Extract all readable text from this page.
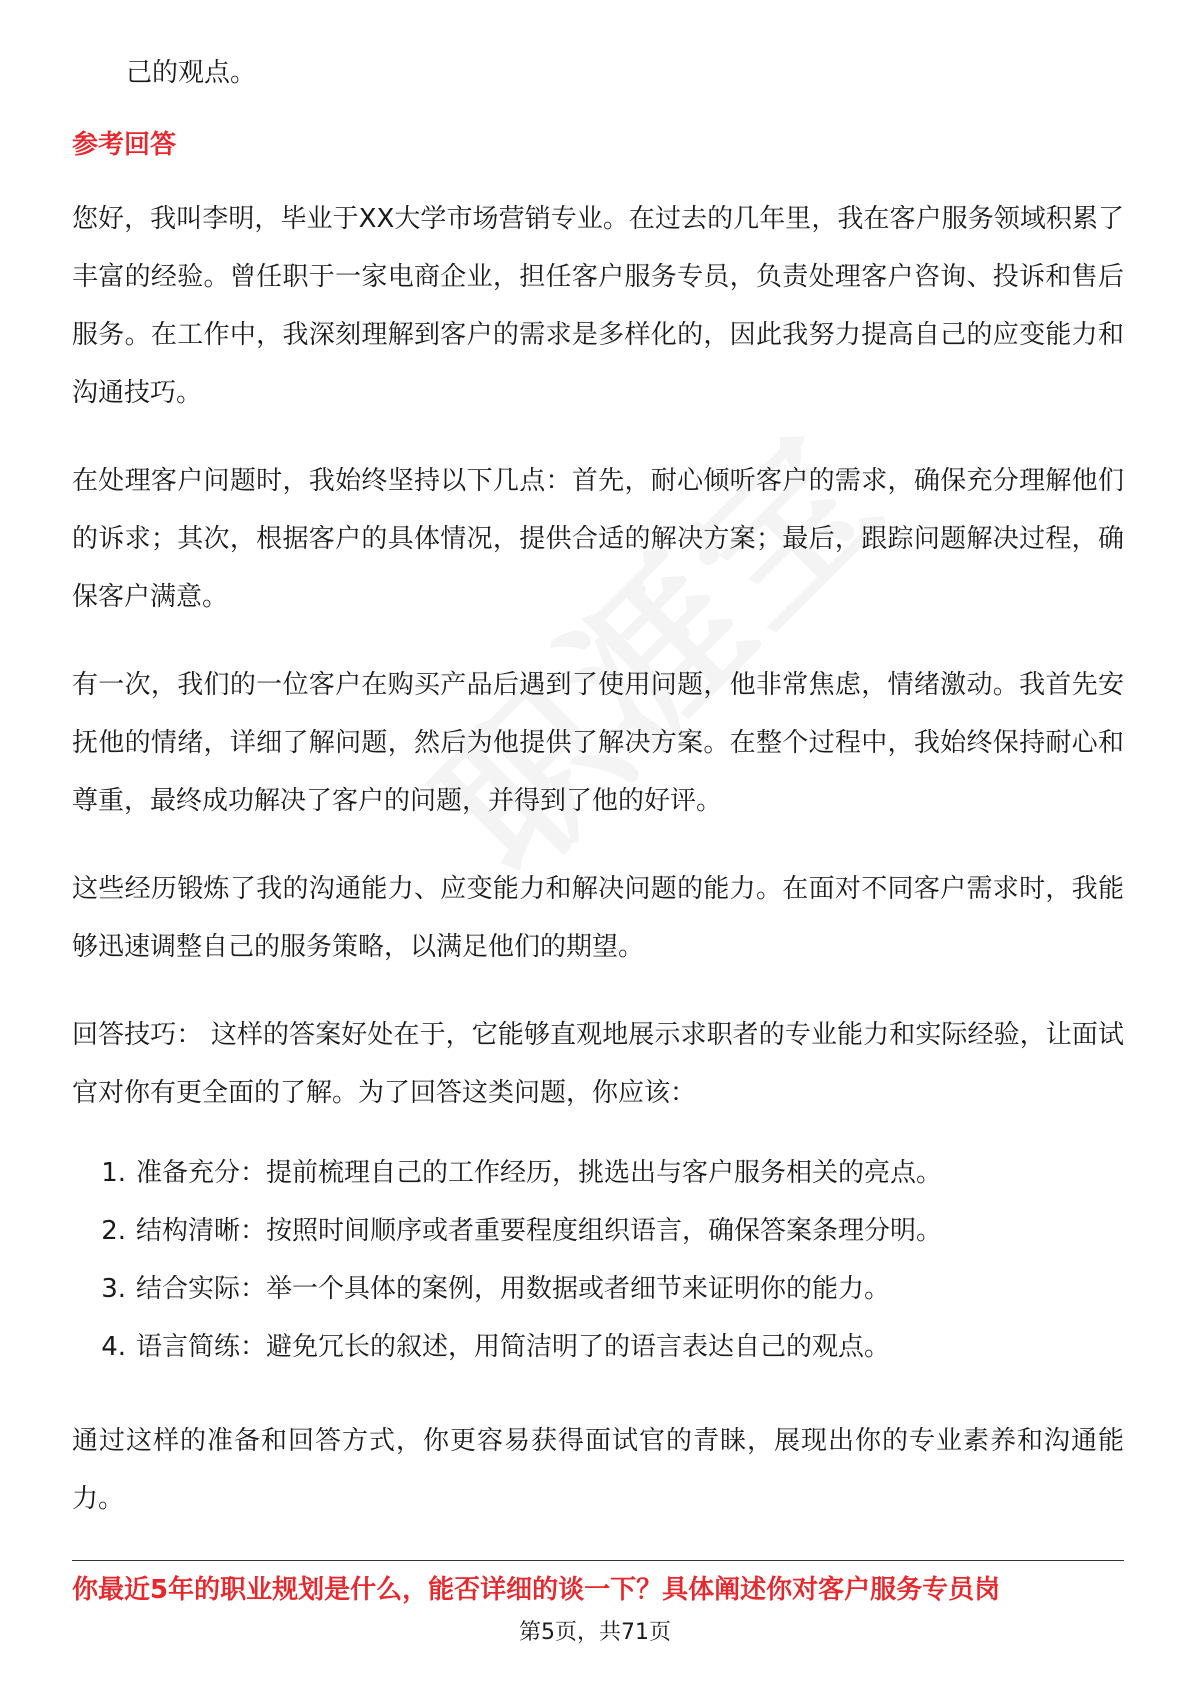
己的观点。

参考回答

您好，我叫李明，毕业于XX大学市场营销专业。在过去的几年里，我在客户服务领域积累了丰富的经验。曾任职于一家电商企业，担任客户服务专员，负责处理客户咨询、投诉和售后服务。在工作中，我深刻理解到客户的需求是多样化的，因此我努力提高自己的应变能力和沟通技巧。

在处理客户问题时，我始终坚持以下几点：首先，耐心倾听客户的需求，确保充分理解他们的诉求；其次，根据客户的具体情况，提供合适的解决方案；最后，跟踪问题解决过程，确保客户满意。

有一次，我们的一位客户在购买产品后遇到了使用问题，他非常焦虑，情绪激动。我首先安抚他的情绪，详细了解问题，然后为他提供了解决方案。在整个过程中，我始终保持耐心和尊重，最终成功解决了客户的问题，并得到了他的好评。

这些经历锻炼了我的沟通能力、应变能力和解决问题的能力。在面对不同客户需求时，我能够迅速调整自己的服务策略，以满足他们的期望。

回答技巧： 这样的答案好处在于，它能够直观地展示求职者的专业能力和实际经验，让面试官对你有更全面的了解。为了回答这类问题，你应该：

1. 准备充分：提前梳理自己的工作经历，挑选出与客户服务相关的亮点。
2. 结构清晰：按照时间顺序或者重要程度组织语言，确保答案条理分明。
3. 结合实际：举一个具体的案例，用数据或者细节来证明你的能力。
4. 语言简练：避免冗长的叙述，用简洁明了的语言表达自己的观点。

通过这样的准备和回答方式，你更容易获得面试官的青睐，展现出你的专业素养和沟通能力。

你最近5年的职业规划是什么，能否详细的谈一下？具体阐述你对客户服务专员岗

第5页，共71页
